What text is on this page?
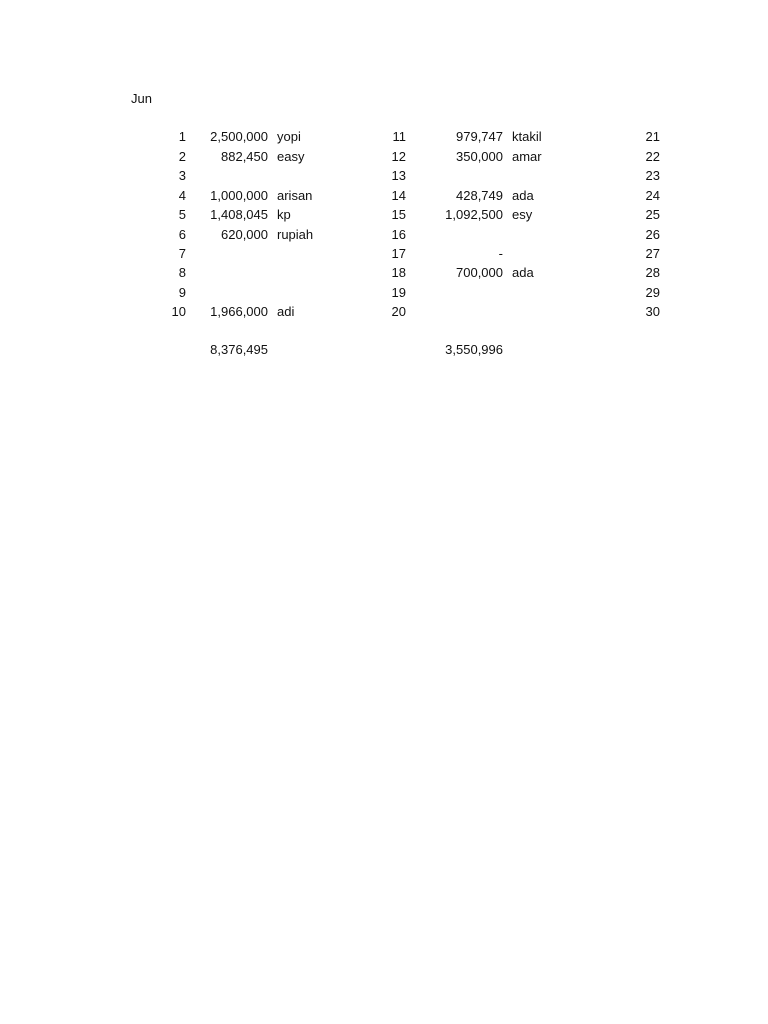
Jun
1 2,500,000 yopi	11	979,747 ktakil	21
2	882,450 easy	12	350,000 amar	22
3	13	23
4 1,000,000 arisan	14	428,749 ada	24
5 1,408,045 kp	15	1,092,500 esy	25
6	620,000 rupiah	16	26
7	17	-	27
8	18	700,000 ada	28
9	19	29
10 1,966,000 adi	20	30
8,376,495	3,550,996
